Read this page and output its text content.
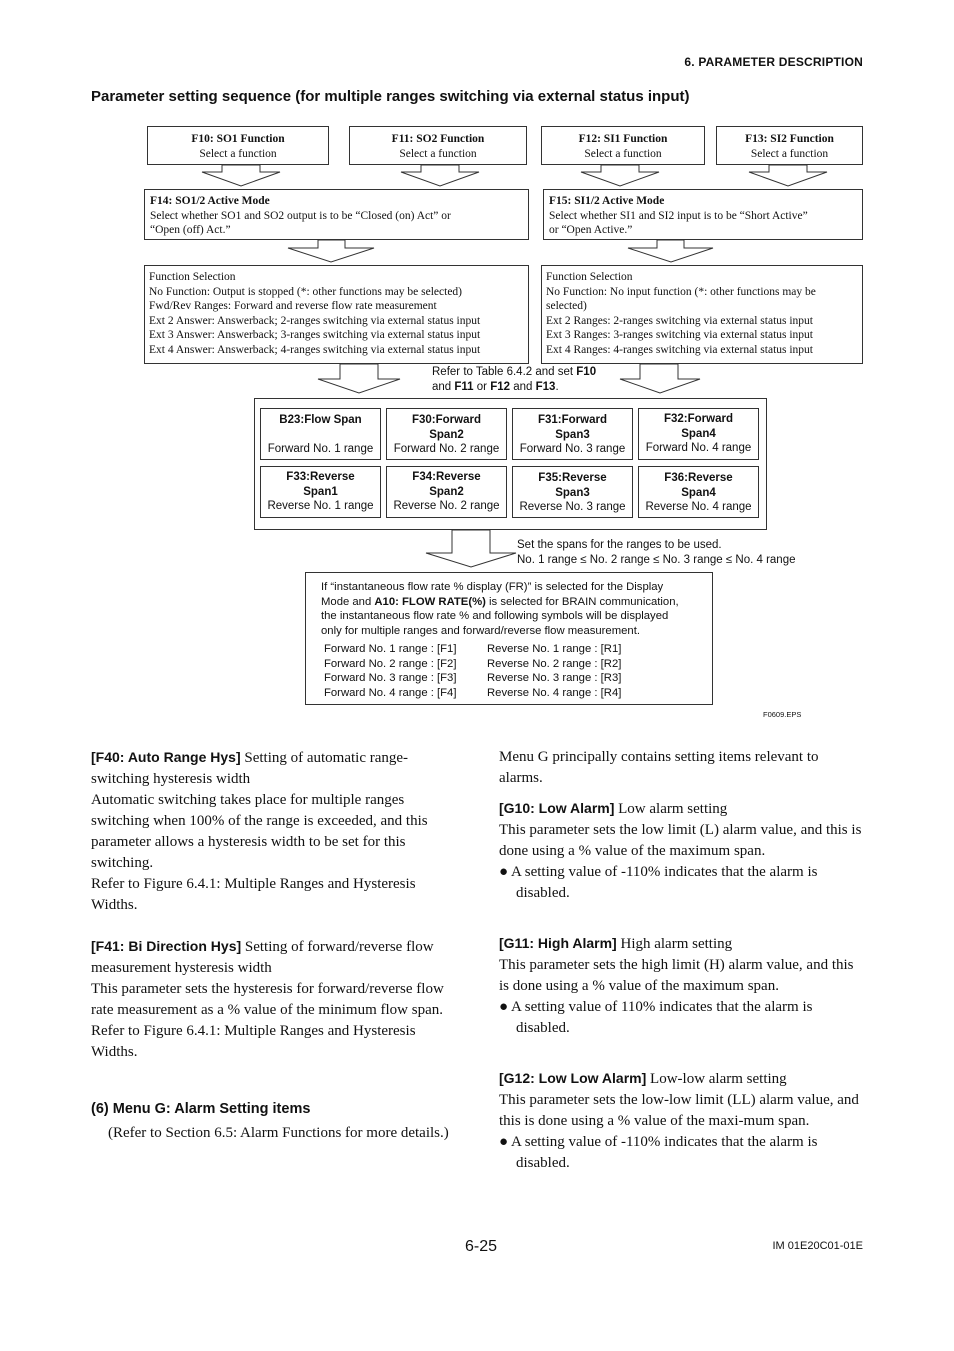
6. PARAMETER DESCRIPTION
Parameter setting sequence (for multiple ranges switching via external status input)
F10: SO1 Function
Select a function
F11: SO2 Function
Select a function
F12: SI1 Function
Select a function
F13: SI2 Function
Select a function
F14: SO1/2 Active Mode
Select whether SO1 and SO2 output is to be “Closed (on) Act” or
“Open (off) Act.”
F15: SI1/2 Active Mode
Select whether SI1 and SI2 input is to be “Short Active”
or “Open Active.”
Function Selection
No Function: Output is stopped (*: other functions may be selected)
Fwd/Rev Ranges: Forward and reverse flow rate measurement
Ext 2 Answer: Answerback; 2-ranges switching via external status input
Ext 3 Answer: Answerback; 3-ranges switching via external status input
Ext 4 Answer: Answerback; 4-ranges switching via external status input
Function Selection
No Function: No input function (*: other functions may be
selected)
Ext 2 Ranges: 2-ranges switching via external status input
Ext 3 Ranges: 3-ranges switching via external status input
Ext 4 Ranges: 4-ranges switching via external status input
Refer to Table 6.4.2 and set F10
and F11 or F12 and F13.
B23:Flow Span
Forward No. 1 range
F30:Forward
Span2
Forward No. 2 range
F31:Forward
Span3
Forward No. 3 range
F32:Forward
Span4
Forward No. 4 range
F33:Reverse
Span1
Reverse No. 1 range
F34:Reverse
Span2
Reverse No. 2 range
F35:Reverse
Span3
Reverse No. 3 range
F36:Reverse
Span4
Reverse No. 4 range
Set the spans for the ranges to be used.
No. 1 range ≤ No. 2 range ≤ No. 3 range ≤ No. 4 range
If “instantaneous flow rate % display (FR)” is selected for the Display
Mode and A10: FLOW RATE(%) is selected for BRAIN communication,
the instantaneous flow rate % and following symbols will be displayed
only for multiple ranges and forward/reverse flow measurement.
Forward No. 1 range : [F1]
Forward No. 2 range : [F2]
Forward No. 3 range : [F3]
Forward No. 4 range : [F4]
Reverse No. 1 range : [R1]
Reverse No. 2 range : [R2]
Reverse No. 3 range : [R3]
Reverse No. 4 range : [R4]
F0609.EPS

[F40: Auto Range Hys] Setting of automatic range-switching hysteresis width

Automatic switching takes place for multiple ranges switching when 100% of the range is exceeded, and this parameter allows a hysteresis width to be set for this switching.

Refer to Figure 6.4.1: Multiple Ranges and Hysteresis Widths.

[F41: Bi Direction Hys] Setting of forward/reverse flow measurement hysteresis width

This parameter sets the hysteresis for forward/reverse flow rate measurement as a % value of the minimum flow span.

Refer to Figure 6.4.1: Multiple Ranges and Hysteresis Widths.

(6) Menu G: Alarm Setting items

(Refer to Section 6.5: Alarm Functions for more details.)

Menu G principally contains setting items relevant to alarms.

[G10: Low Alarm] Low alarm setting

This parameter sets the low limit (L) alarm value, and this is done using a % value of the maximum span.

● A setting value of -110% indicates that the alarm is disabled.

[G11: High Alarm] High alarm setting

This parameter sets the high limit (H) alarm value, and this is done using a % value of the maximum span.

● A setting value of 110% indicates that the alarm is disabled.

[G12: Low Low Alarm] Low-low alarm setting

This parameter sets the low-low limit (LL) alarm value, and this is done using a % value of the maxi-mum span.

● A setting value of -110% indicates that the alarm is disabled.

6-25	IM 01E20C01-01E
